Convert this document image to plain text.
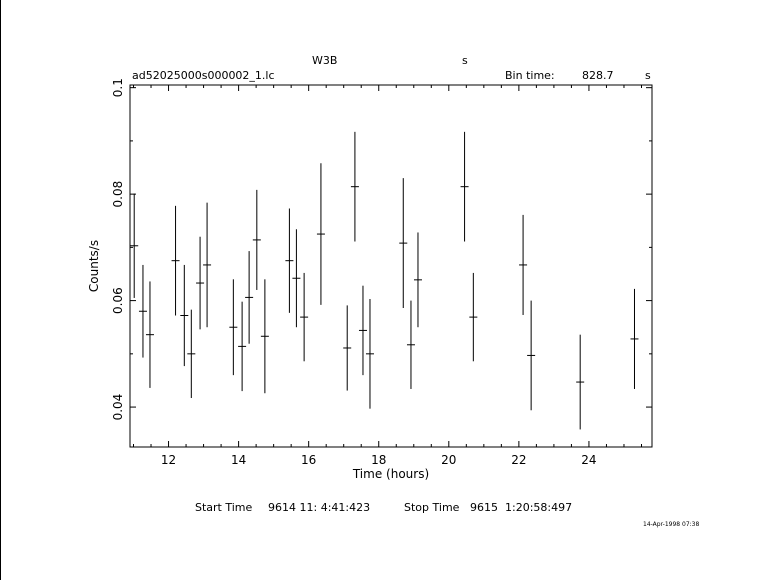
W3B	s
ad52025000s000002_1.lc	Bin time: 828.7	s
12	14	16	18	20	22	24
0.04
0.06
0.08
0.1
Time (hours)
Counts/s
Start Time 9614 11: 4:41:423	Stop Time 9615  1:20:58:497
14-Apr-1998 07:38
